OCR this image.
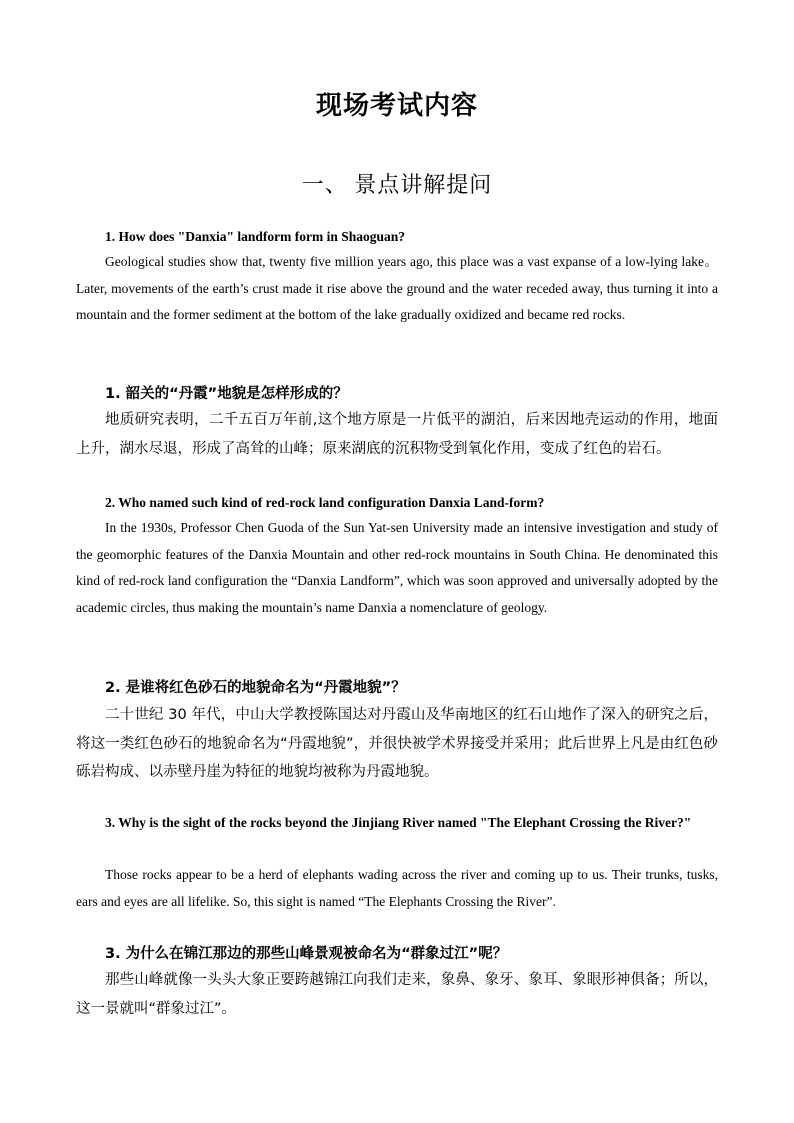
现场考试内容
一、 景点讲解提问
1. How does "Danxia" landform form in Shaoguan?
Geological studies show that, twenty five million years ago, this place was a vast expanse of a low-lying lake。Later, movements of the earth’s crust made it rise above the ground and the water receded away, thus turning it into a mountain and the former sediment at the bottom of the lake gradually oxidized and became red rocks.
1. 韶关的“丹霞”地貌是怎样形成的？
地质研究表明，二千五百万年前,这个地方原是一片低平的湖泊，后来因地壳运动的作用，地面上升，湖水尽退，形成了高耸的山峰；原来湖底的沉积物受到氧化作用，变成了红色的岩石。
2. Who named such kind of red-rock land configuration Danxia Land-form?
In the 1930s, Professor Chen Guoda of the Sun Yat-sen University made an intensive investigation and study of the geomorphic features of the Danxia Mountain and other red-rock mountains in South China. He denominated this kind of red-rock land configuration the “Danxia Landform”, which was soon approved and universally adopted by the academic circles, thus making the mountain’s name Danxia a nomenclature of geology.
2. 是谁将红色砂石的地貌命名为“丹霞地貌”？
二十世纪 30 年代，中山大学教授陈国达对丹霞山及华南地区的红石山地作了深入的研究之后，将这一类红色砂石的地貌命名为“丹霞地貌”，并很快被学术界接受并采用；此后世界上凡是由红色砂砾岩构成、以赤壁丹崖为特征的地貌均被称为丹霞地貌。
3. Why is the sight of the rocks beyond the Jinjiang River named "The Elephant Crossing the River?"
Those rocks appear to be a herd of elephants wading across the river and coming up to us. Their trunks, tusks, ears and eyes are all lifelike. So, this sight is named “The Elephants Crossing the River”.
3. 为什么在锦江那边的那些山峰景观被命名为“群象过江”呢？
那些山峰就像一头头大象正要跨越锦江向我们走来，象鼻、象牙、象耳、象眼形神俱备；所以，这一景就叫“群象过江”。
